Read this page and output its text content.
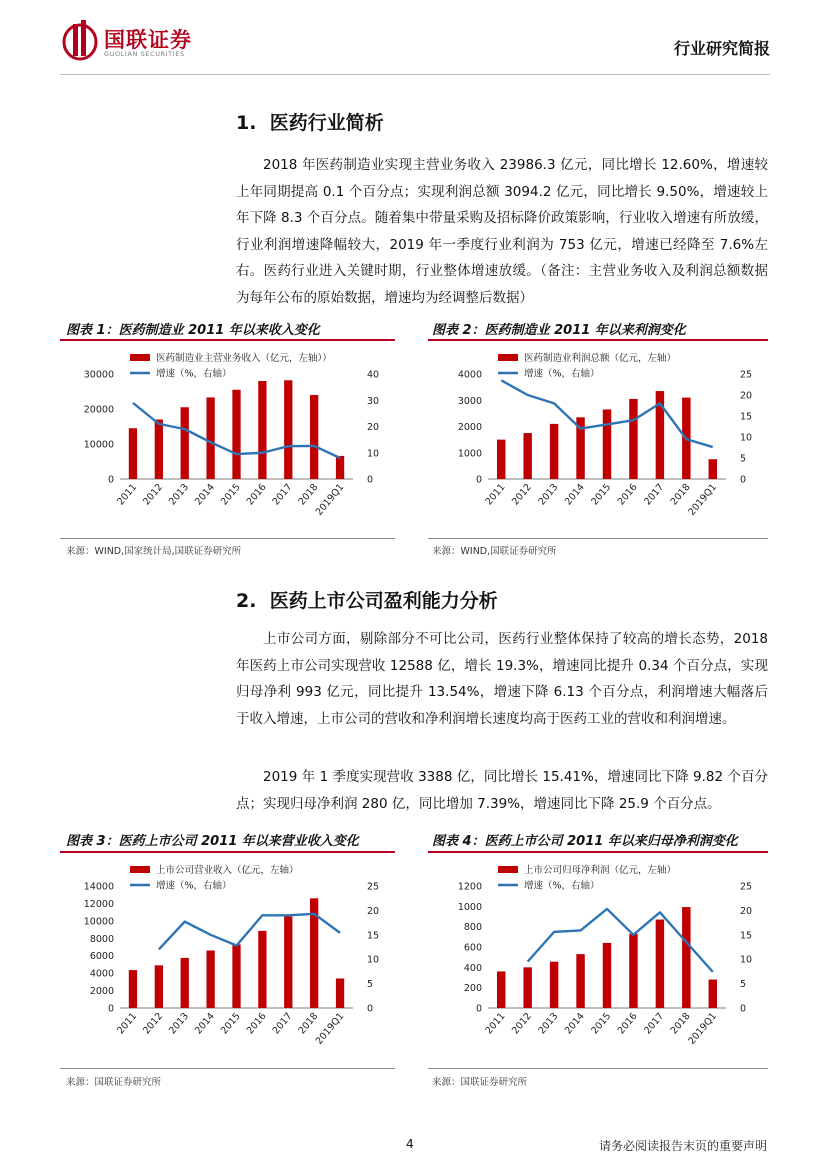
国联证券
GUOLIAN SECURITIES	行业研究简报
1. 医药行业简析
2018 年医药制造业实现主营业务收入 23986.3 亿元，同比增长 12.60%，增速较上年同期提高 0.1 个百分点；实现利润总额 3094.2 亿元，同比增长 9.50%，增速较上年下降 8.3 个百分点。随着集中带量采购及招标降价政策影响，行业收入增速有所放缓，行业利润增速降幅较大，2019 年一季度行业利润为 753 亿元，增速已经降至 7.6%左右。医药行业进入关键时期，行业整体增速放缓。（备注：主营业务收入及利润总额数据为每年公布的原始数据，增速均为经调整后数据）
图表 1：医药制造业 2011 年以来收入变化
0
10000
20000
30000
0
10
20
30
40
2011 2012 2013 2014 2015 2016 2017 2018
2019Q1
医药制造业主营业务收入（亿元，左轴））
增速（%，右轴）
来源：WIND,国家统计局,国联证券研究所
图表 2：医药制造业 2011 年以来利润变化
0
1000
2000
3000
4000
0
5
10
15
20
25
2011 2012 2013 2014 2015 2016 2017 2018
2019Q1
医药制造业利润总额（亿元，左轴）
增速（%，右轴）
来源：WIND,国联证券研究所
2. 医药上市公司盈利能力分析
上市公司方面，剔除部分不可比公司，医药行业整体保持了较高的增长态势，2018 年医药上市公司实现营收 12588 亿，增长 19.3%，增速同比提升 0.34 个百分点，实现归母净利 993 亿元，同比提升 13.54%，增速下降 6.13 个百分点，利润增速大幅落后于收入增速，上市公司的营收和净利润增长速度均高于医药工业的营收和利润增速。
2019 年 1 季度实现营收 3388 亿，同比增长 15.41%，增速同比下降 9.82 个百分点；实现归母净利润 280 亿，同比增加 7.39%，增速同比下降 25.9 个百分点。
图表 3：医药上市公司 2011 年以来营业收入变化
0
2000
4000
6000
8000
10000
12000
14000
0
5
10
15
20
25
2011 2012 2013 2014 2015 2016 2017 2018
2019Q1
上市公司营业收入（亿元，左轴）
增速（%，右轴）
来源：国联证券研究所
图表 4：医药上市公司 2011 年以来归母净利润变化
0
200
400
600
800
1000
1200
0
5
10
15
20
25
2011 2012 2013 2014 2015 2016 2017 2018
2019Q1
上市公司归母净利润（亿元，左轴）
增速（%，右轴）
来源：国联证券研究所
4	请务必阅读报告末页的重要声明
